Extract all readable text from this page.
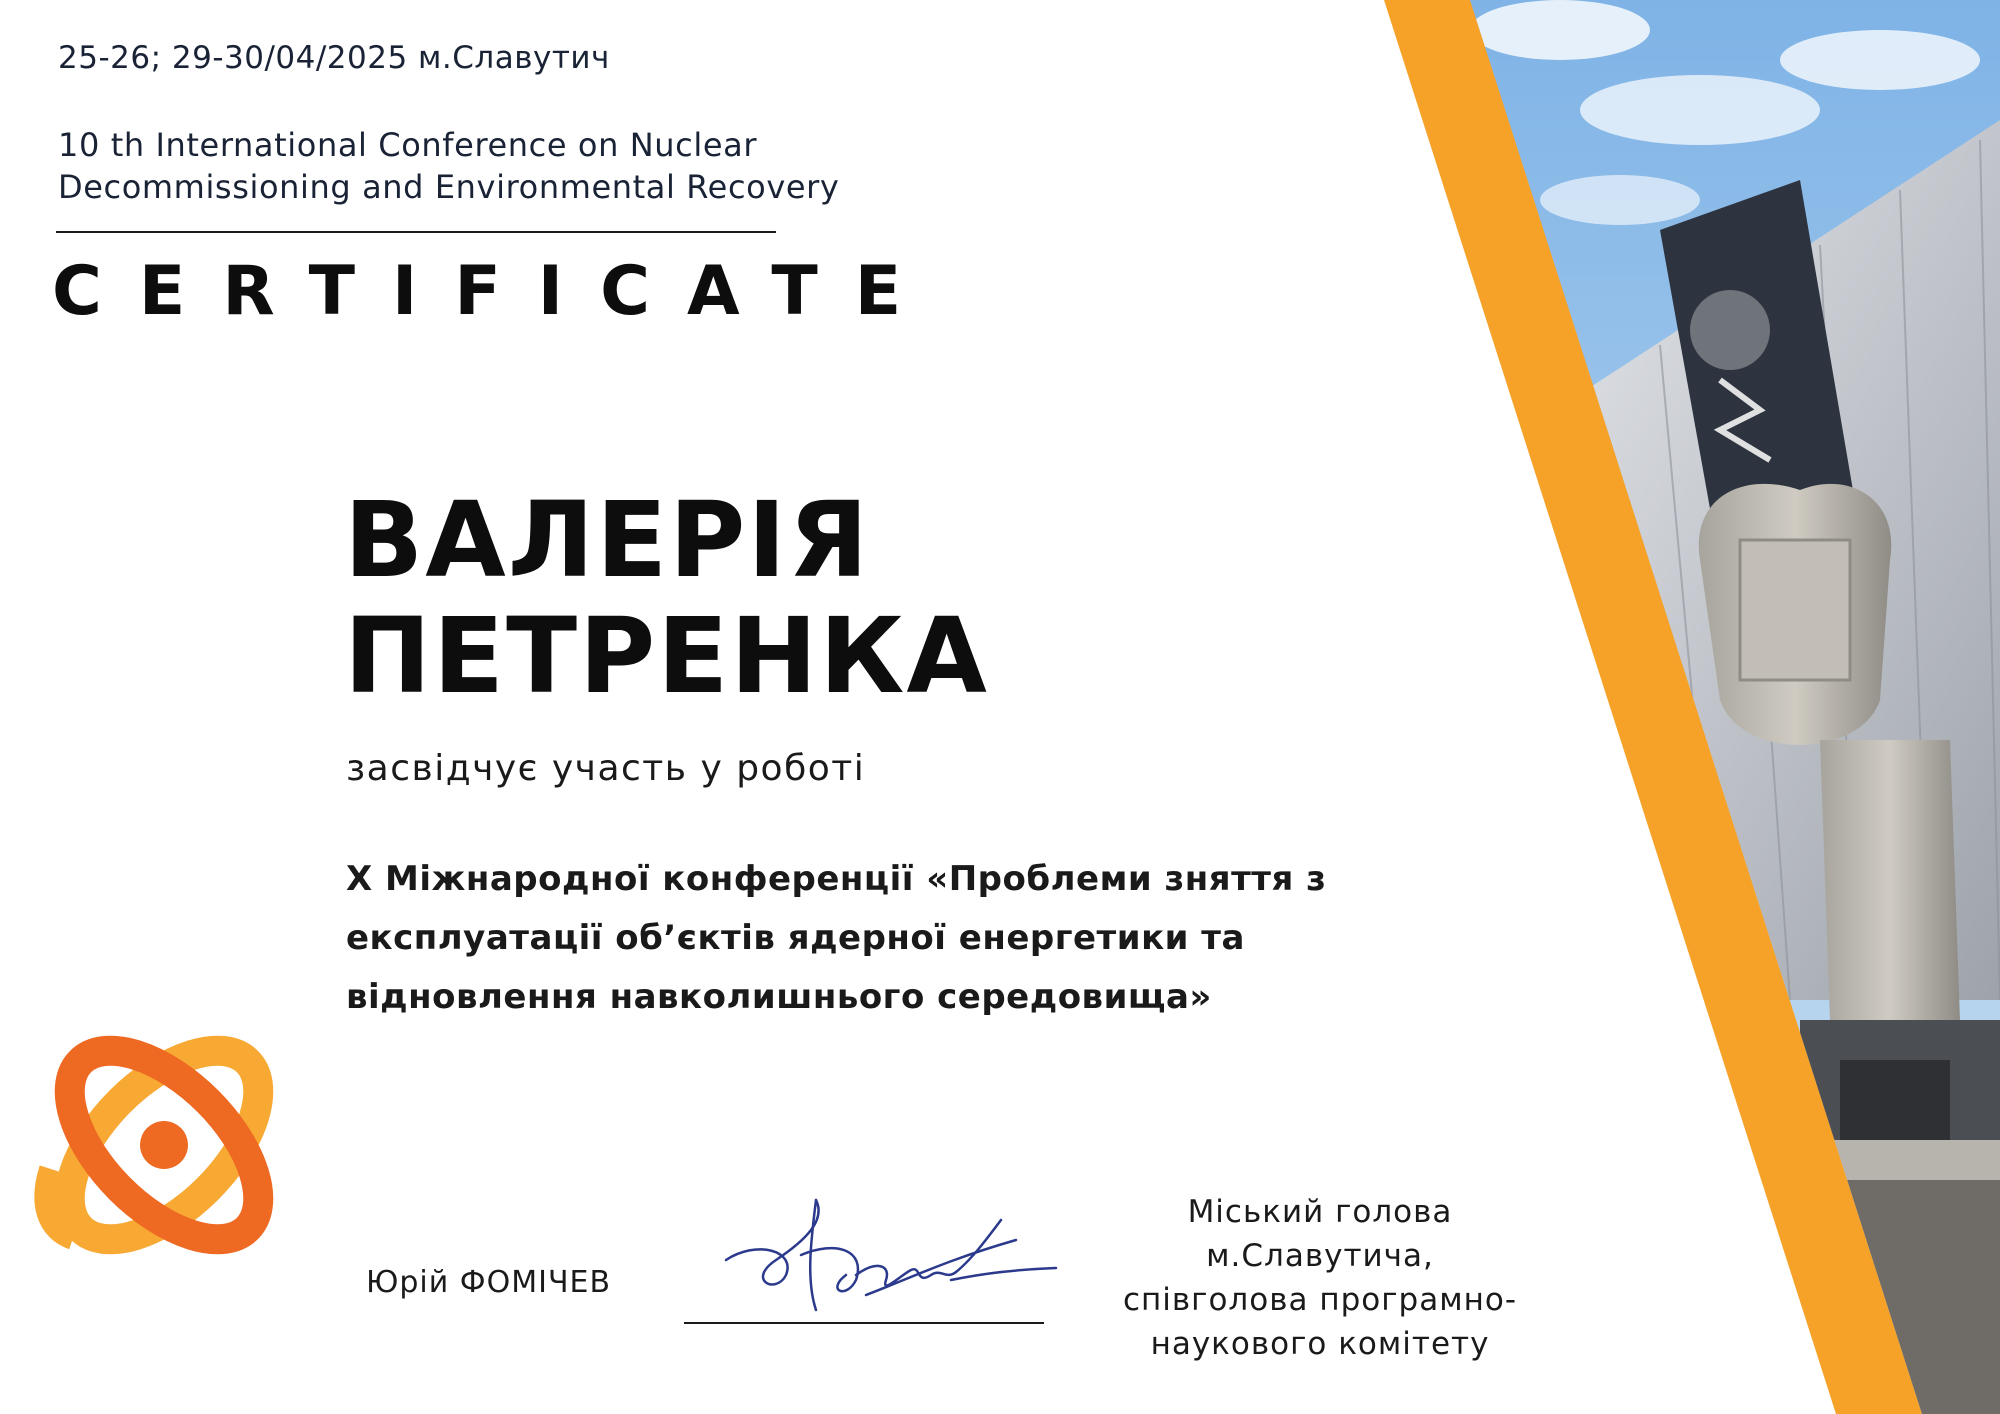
25-26; 29-30/04/2025 м.Славутич
10 th International Conference on Nuclear
Decommissioning and Environmental Recovery
CERTIFICATE
ВАЛЕРІЯ
ПЕТРЕНКА
засвідчує участь у роботі
X Міжнародної конференції «Проблеми зняття з
експлуатації об’єктів ядерної енергетики та
відновлення навколишнього середовища»
Юрій ФОМІЧЕВ
Міський голова
м.Славутича,
співголова програмно-
наукового комітету
